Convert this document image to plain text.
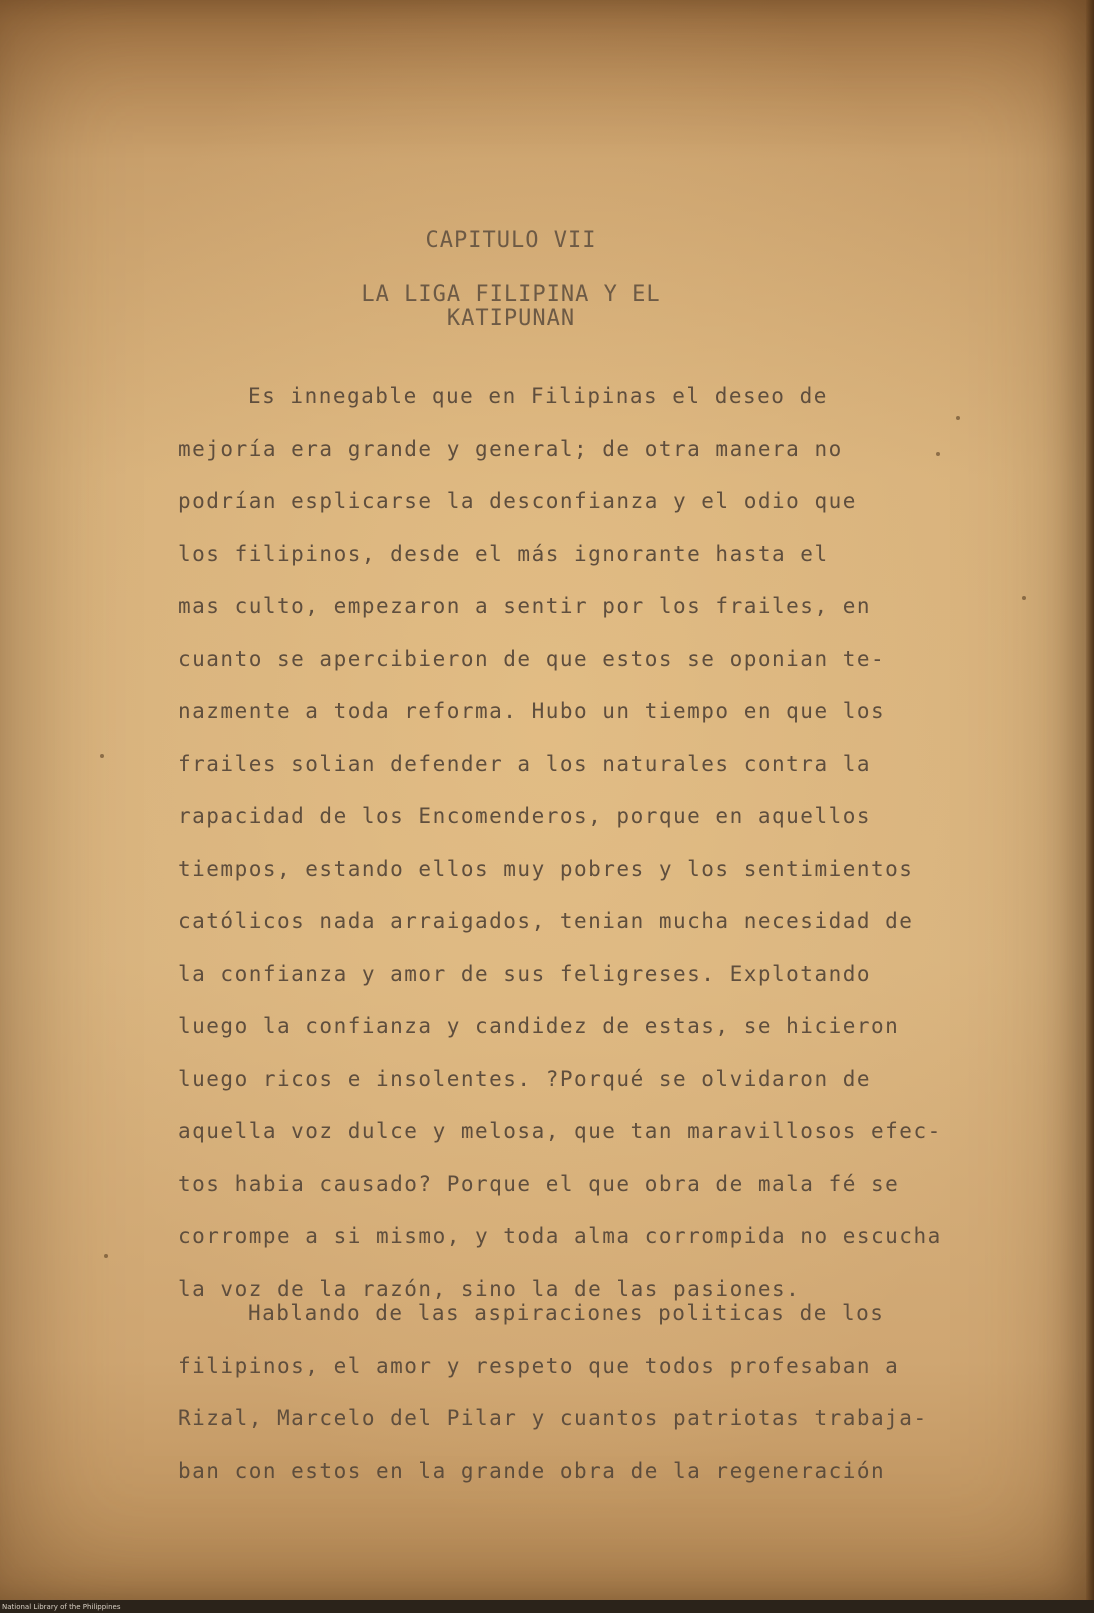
CAPITULO VII
LA LIGA FILIPINA Y EL
KATIPUNAN
Es innegable que en Filipinas el deseo de
mejoría era grande y general; de otra manera no
podrían esplicarse la desconfianza y el odio que
los filipinos, desde el más ignorante hasta el
mas culto, empezaron a sentir por los frailes, en
cuanto se apercibieron de que estos se oponian te-
nazmente a toda reforma. Hubo un tiempo en que los
frailes solian defender a los naturales contra la
rapacidad de los Encomenderos, porque en aquellos
tiempos, estando ellos muy pobres y los sentimientos
católicos nada arraigados, tenian mucha necesidad de
la confianza y amor de sus feligreses. Explotando
luego la confianza y candidez de estas, se hicieron
luego ricos e insolentes. ?Porqué se olvidaron de
aquella voz dulce y melosa, que tan maravillosos efec-
tos habia causado? Porque el que obra de mala fé se
corrompe a si mismo, y toda alma corrompida no escucha
la voz de la razón, sino la de las pasiones.
Hablando de las aspiraciones politicas de los
filipinos, el amor y respeto que todos profesaban a
Rizal, Marcelo del Pilar y cuantos patriotas trabaja-
ban con estos en la grande obra de la regeneración
National Library of the Philippines
